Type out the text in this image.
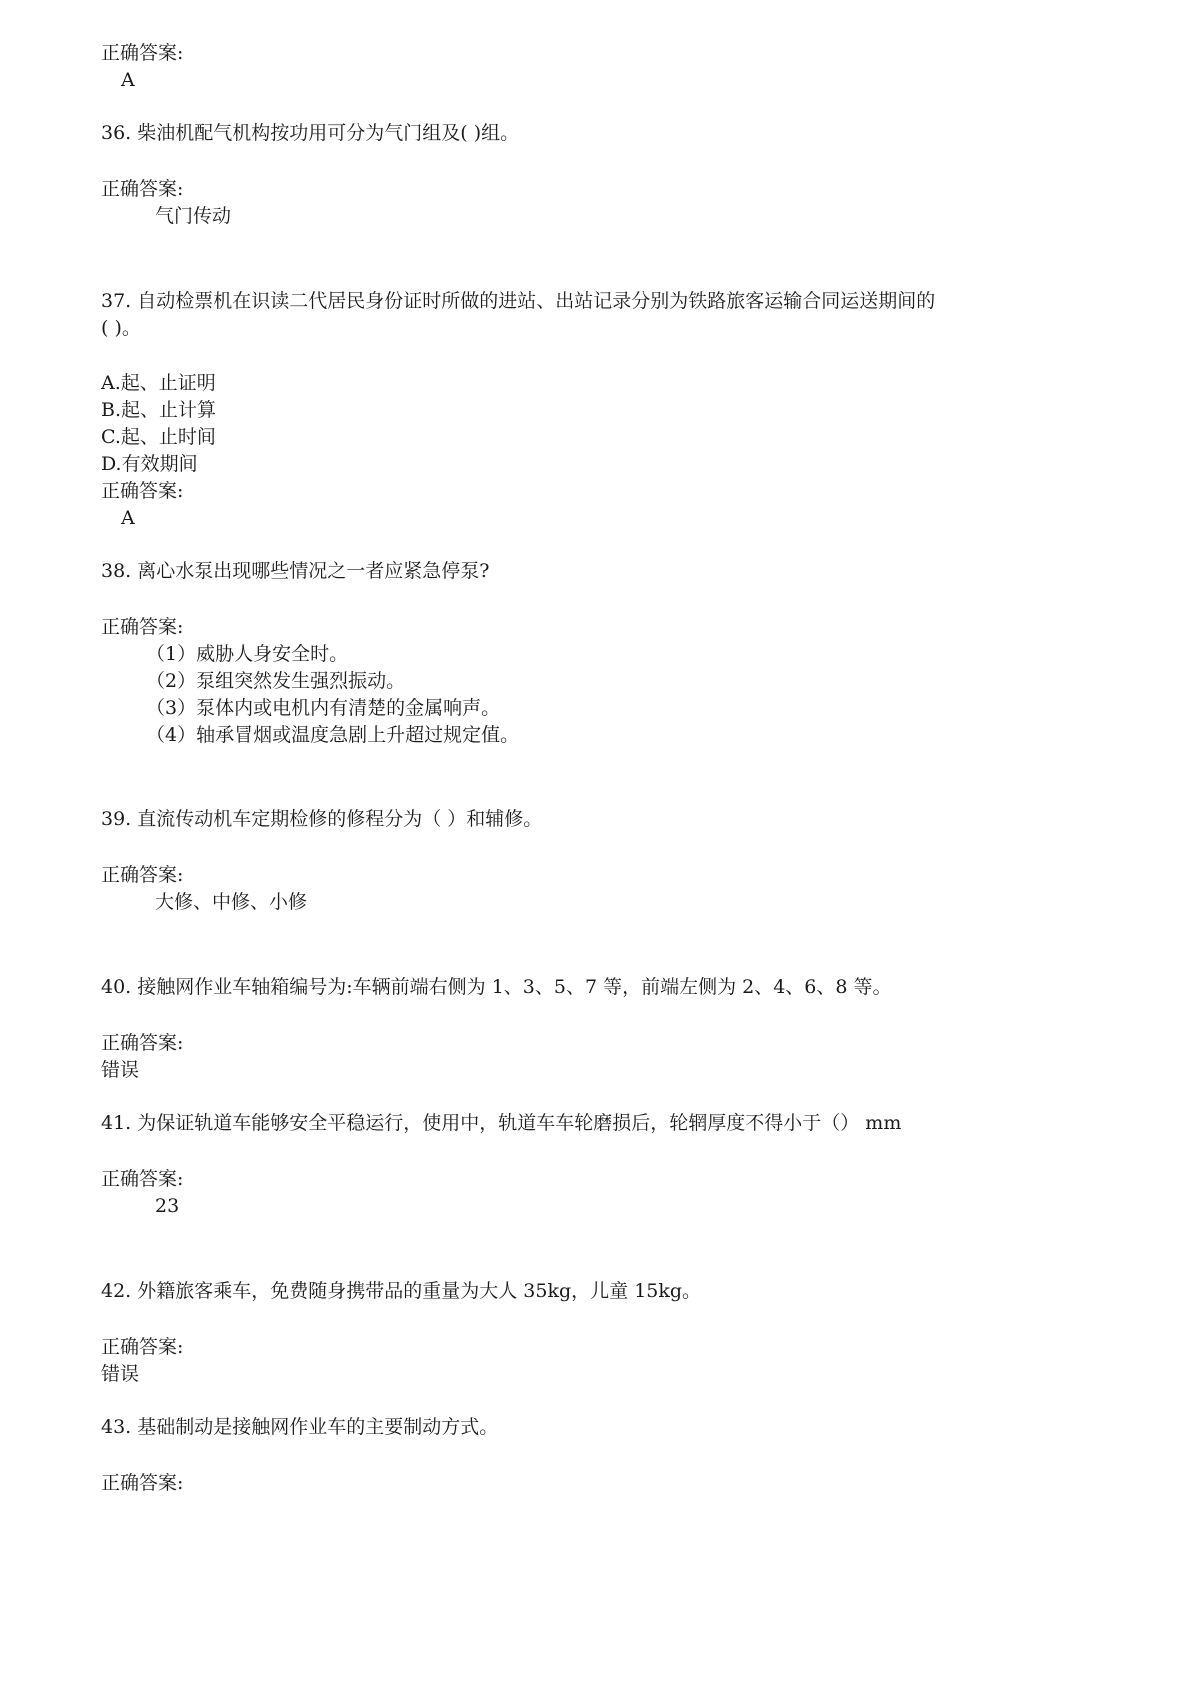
正确答案:
A
36. 柴油机配气机构按功用可分为气门组及( )组。
正确答案:
气门传动
37. 自动检票机在识读二代居民身份证时所做的进站、出站记录分别为铁路旅客运输合同运送期间的
( )。
A.起、止证明
B.起、止计算
C.起、止时间
D.有效期间
正确答案:
A
38. 离心水泵出现哪些情况之一者应紧急停泵?
正确答案:
（1）威胁人身安全时。
（2）泵组突然发生强烈振动。
（3）泵体内或电机内有清楚的金属响声。
（4）轴承冒烟或温度急剧上升超过规定值。
39. 直流传动机车定期检修的修程分为（ ）和辅修。
正确答案:
大修、中修、小修
40. 接触网作业车轴箱编号为:车辆前端右侧为 1、3、5、7 等，前端左侧为 2、4、6、8 等。
正确答案:
错误
41. 为保证轨道车能够安全平稳运行，使用中，轨道车车轮磨损后，轮辋厚度不得小于（） mm
正确答案:
23
42. 外籍旅客乘车，免费随身携带品的重量为大人 35kg，儿童 15kg。
正确答案:
错误
43. 基础制动是接触网作业车的主要制动方式。
正确答案:
